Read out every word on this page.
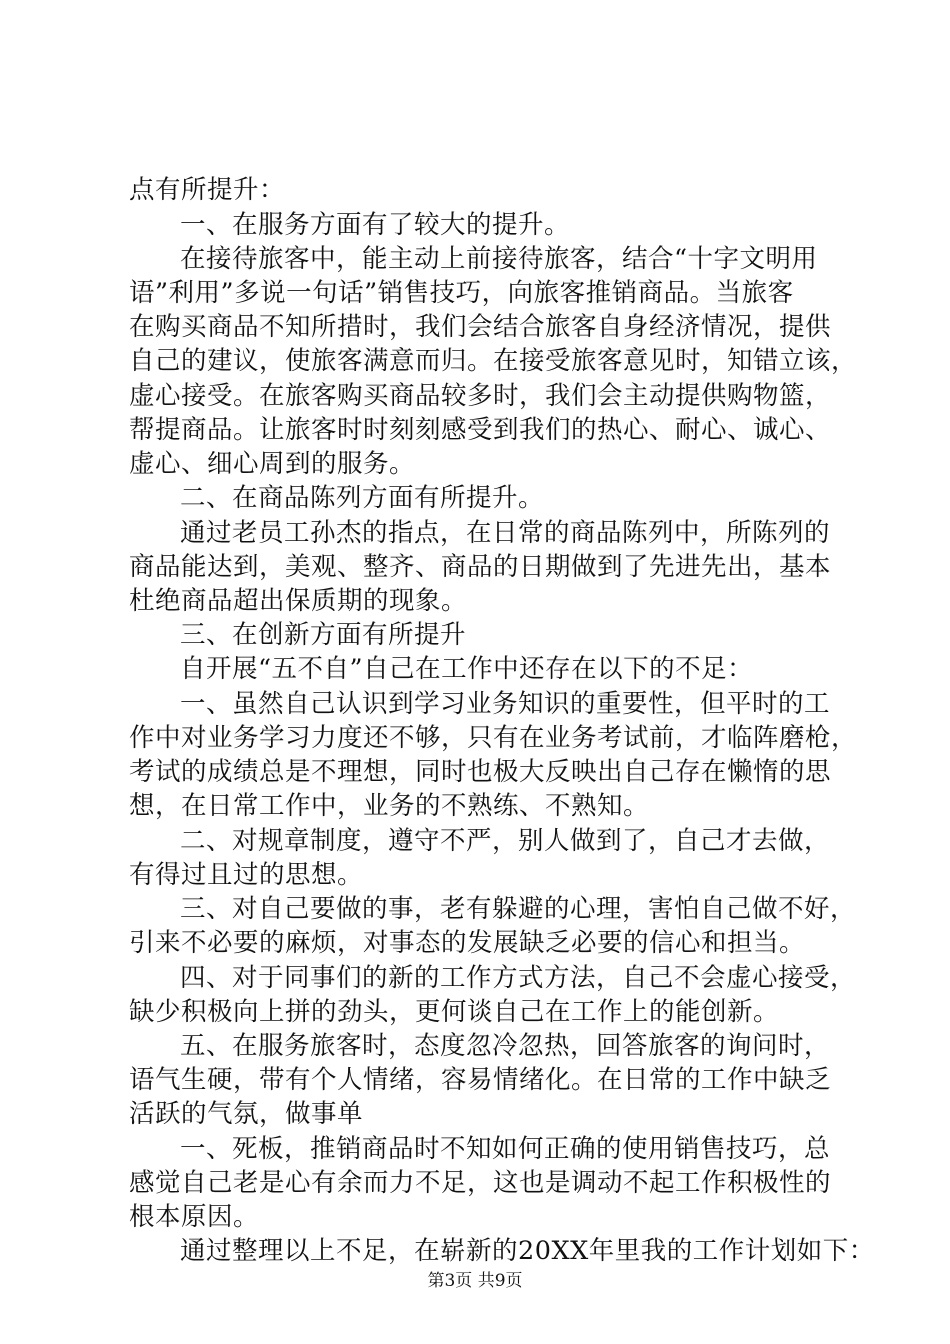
点有所提升：
一、在服务方面有了较大的提升。
在接待旅客中，能主动上前接待旅客，结合“十字文明用
语”利用”多说一句话”销售技巧，向旅客推销商品。当旅客
在购买商品不知所措时，我们会结合旅客自身经济情况，提供
自己的建议，使旅客满意而归。在接受旅客意见时，知错立该，
虚心接受。在旅客购买商品较多时，我们会主动提供购物篮，
帮提商品。让旅客时时刻刻感受到我们的热心、耐心、诚心、
虚心、细心周到的服务。
二、在商品陈列方面有所提升。
通过老员工孙杰的指点，在日常的商品陈列中，所陈列的
商品能达到，美观、整齐、商品的日期做到了先进先出，基本
杜绝商品超出保质期的现象。
三、在创新方面有所提升
自开展“五不自”自己在工作中还存在以下的不足：
一、虽然自己认识到学习业务知识的重要性，但平时的工
作中对业务学习力度还不够，只有在业务考试前，才临阵磨枪，
考试的成绩总是不理想，同时也极大反映出自己存在懒惰的思
想，在日常工作中，业务的不熟练、不熟知。
二、对规章制度，遵守不严，别人做到了，自己才去做，
有得过且过的思想。
三、对自己要做的事，老有躲避的心理，害怕自己做不好，
引来不必要的麻烦，对事态的发展缺乏必要的信心和担当。
四、对于同事们的新的工作方式方法，自己不会虚心接受，
缺少积极向上拼的劲头，更何谈自己在工作上的能创新。
五、在服务旅客时，态度忽冷忽热，回答旅客的询问时，
语气生硬，带有个人情绪，容易情绪化。在日常的工作中缺乏
活跃的气氛，做事单
一、死板，推销商品时不知如何正确的使用销售技巧，总
感觉自己老是心有余而力不足，这也是调动不起工作积极性的
根本原因。
通过整理以上不足，在崭新的20XX年里我的工作计划如下：
第3页 共9页
